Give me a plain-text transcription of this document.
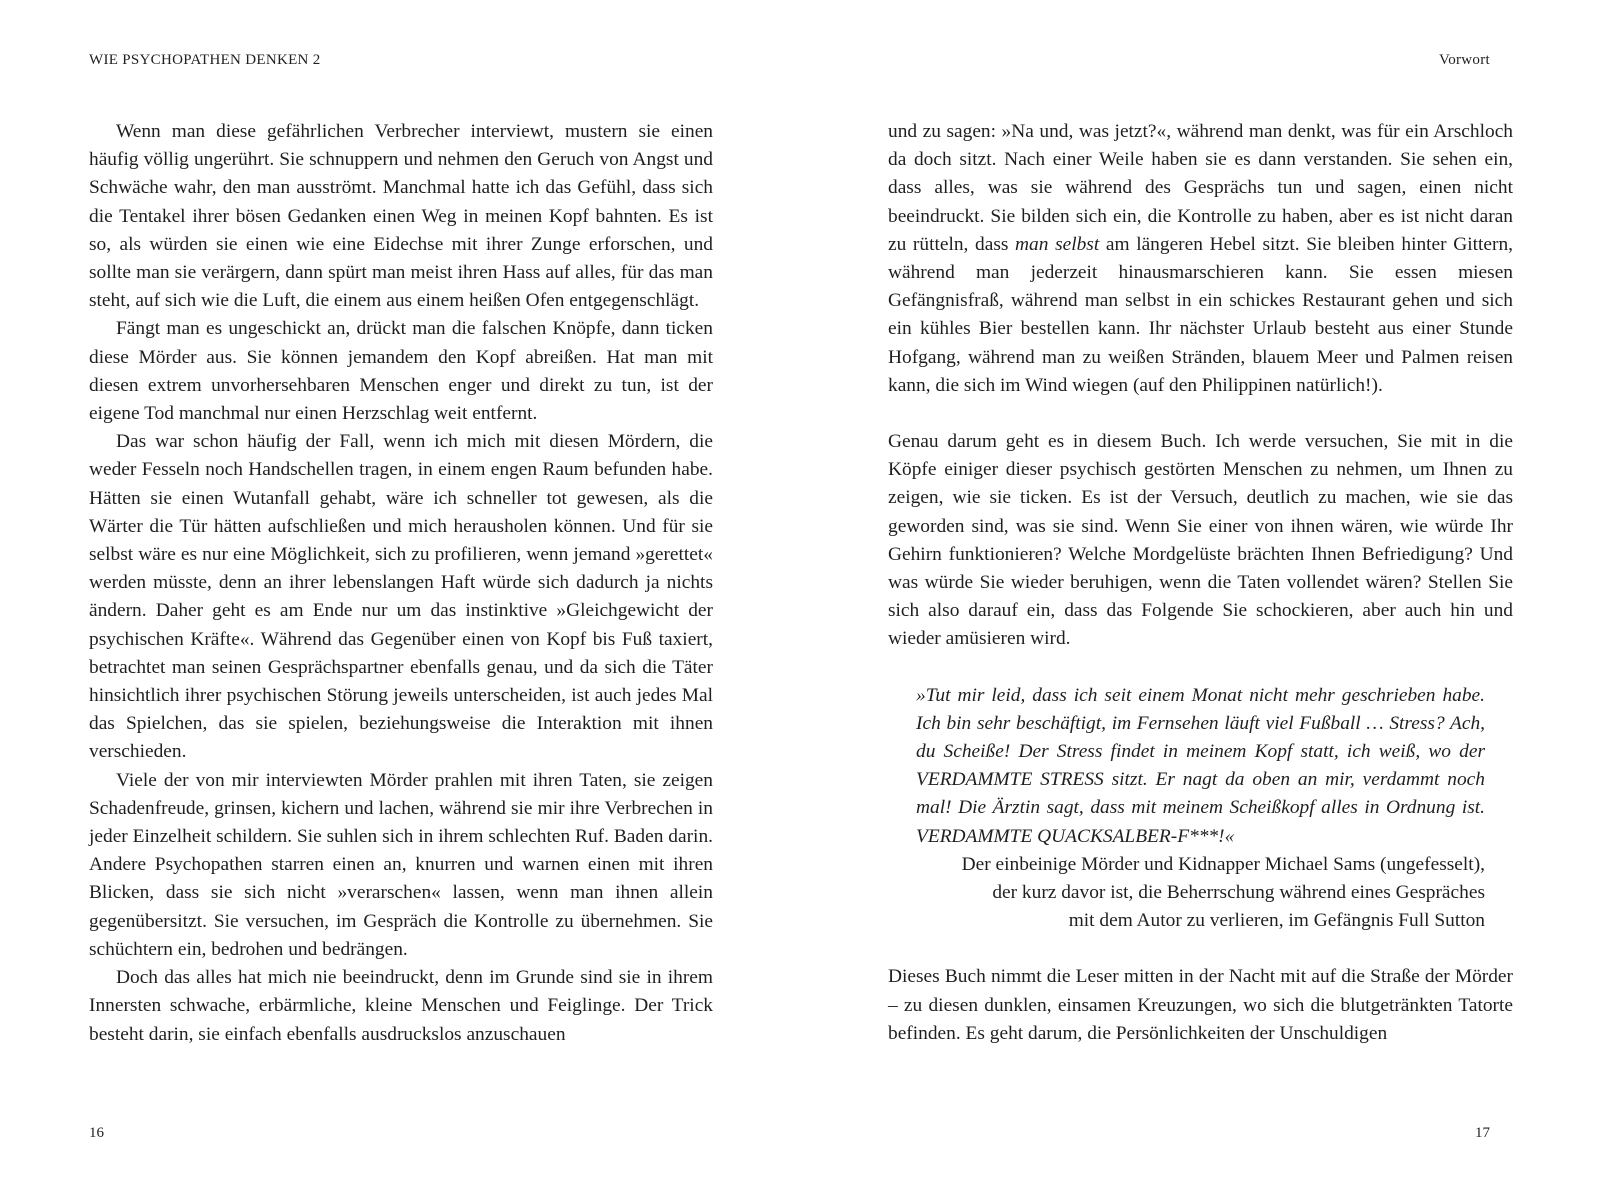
WIE PSYCHOPATHEN DENKEN 2

Wenn man diese gefährlichen Verbrecher interviewt, mustern sie einen häufig völlig ungerührt. Sie schnuppern und nehmen den Geruch von Angst und Schwäche wahr, den man ausströmt. Manchmal hatte ich das Gefühl, dass sich die Tentakel ihrer bösen Gedanken einen Weg in meinen Kopf bahnten. Es ist so, als würden sie einen wie eine Eidechse mit ihrer Zunge erforschen, und sollte man sie verärgern, dann spürt man meist ihren Hass auf alles, für das man steht, auf sich wie die Luft, die einem aus einem heißen Ofen entgegenschlägt.

Fängt man es ungeschickt an, drückt man die falschen Knöpfe, dann ticken diese Mörder aus. Sie können jemandem den Kopf abreißen. Hat man mit diesen extrem unvorhersehbaren Menschen enger und direkt zu tun, ist der eigene Tod manchmal nur einen Herzschlag weit entfernt.

Das war schon häufig der Fall, wenn ich mich mit diesen Mördern, die weder Fesseln noch Handschellen tragen, in einem engen Raum befunden habe. Hätten sie einen Wutanfall gehabt, wäre ich schneller tot gewesen, als die Wärter die Tür hätten aufschließen und mich herausholen können. Und für sie selbst wäre es nur eine Möglichkeit, sich zu profilieren, wenn jemand »gerettet« werden müsste, denn an ihrer lebenslangen Haft würde sich dadurch ja nichts ändern. Daher geht es am Ende nur um das instinktive »Gleichgewicht der psychischen Kräfte«. Während das Gegenüber einen von Kopf bis Fuß taxiert, betrachtet man seinen Gesprächspartner ebenfalls genau, und da sich die Täter hinsichtlich ihrer psychischen Störung jeweils unterscheiden, ist auch jedes Mal das Spielchen, das sie spielen, beziehungsweise die Interaktion mit ihnen verschieden.

Viele der von mir interviewten Mörder prahlen mit ihren Taten, sie zeigen Schadenfreude, grinsen, kichern und lachen, während sie mir ihre Verbrechen in jeder Einzelheit schildern. Sie suhlen sich in ihrem schlechten Ruf. Baden darin. Andere Psychopathen starren einen an, knurren und warnen einen mit ihren Blicken, dass sie sich nicht »verarschen« lassen, wenn man ihnen allein gegenübersitzt. Sie versuchen, im Gespräch die Kontrolle zu übernehmen. Sie schüchtern ein, bedrohen und bedrängen.

Doch das alles hat mich nie beeindruckt, denn im Grunde sind sie in ihrem Innersten schwache, erbärmliche, kleine Menschen und Feiglinge. Der Trick besteht darin, sie einfach ebenfalls ausdruckslos anzuschauen

16
Vorwort

und zu sagen: »Na und, was jetzt?«, während man denkt, was für ein Arschloch da doch sitzt. Nach einer Weile haben sie es dann verstanden. Sie sehen ein, dass alles, was sie während des Gesprächs tun und sagen, einen nicht beeindruckt. Sie bilden sich ein, die Kontrolle zu haben, aber es ist nicht daran zu rütteln, dass man selbst am längeren Hebel sitzt. Sie bleiben hinter Gittern, während man jederzeit hinausmarschieren kann. Sie essen miesen Gefängnisfraß, während man selbst in ein schickes Restaurant gehen und sich ein kühles Bier bestellen kann. Ihr nächster Urlaub besteht aus einer Stunde Hofgang, während man zu weißen Stränden, blauem Meer und Palmen reisen kann, die sich im Wind wiegen (auf den Philippinen natürlich!).

Genau darum geht es in diesem Buch. Ich werde versuchen, Sie mit in die Köpfe einiger dieser psychisch gestörten Menschen zu nehmen, um Ihnen zu zeigen, wie sie ticken. Es ist der Versuch, deutlich zu machen, wie sie das geworden sind, was sie sind. Wenn Sie einer von ihnen wären, wie würde Ihr Gehirn funktionieren? Welche Mordgelüste brächten Ihnen Befriedigung? Und was würde Sie wieder beruhigen, wenn die Taten vollendet wären? Stellen Sie sich also darauf ein, dass das Folgende Sie schockieren, aber auch hin und wieder amüsieren wird.

»Tut mir leid, dass ich seit einem Monat nicht mehr geschrieben habe. Ich bin sehr beschäftigt, im Fernsehen läuft viel Fußball … Stress? Ach, du Scheiße! Der Stress findet in meinem Kopf statt, ich weiß, wo der VERDAMMTE STRESS sitzt. Er nagt da oben an mir, verdammt noch mal! Die Ärztin sagt, dass mit meinem Scheißkopf alles in Ordnung ist. VERDAMMTE QUACKSALBER-F***!«
Der einbeinige Mörder und Kidnapper Michael Sams (ungefesselt),
der kurz davor ist, die Beherrschung während eines Gespräches
mit dem Autor zu verlieren, im Gefängnis Full Sutton

Dieses Buch nimmt die Leser mitten in der Nacht mit auf die Straße der Mörder – zu diesen dunklen, einsamen Kreuzungen, wo sich die blutgetränkten Tatorte befinden. Es geht darum, die Persönlichkeiten der Unschuldigen

17
